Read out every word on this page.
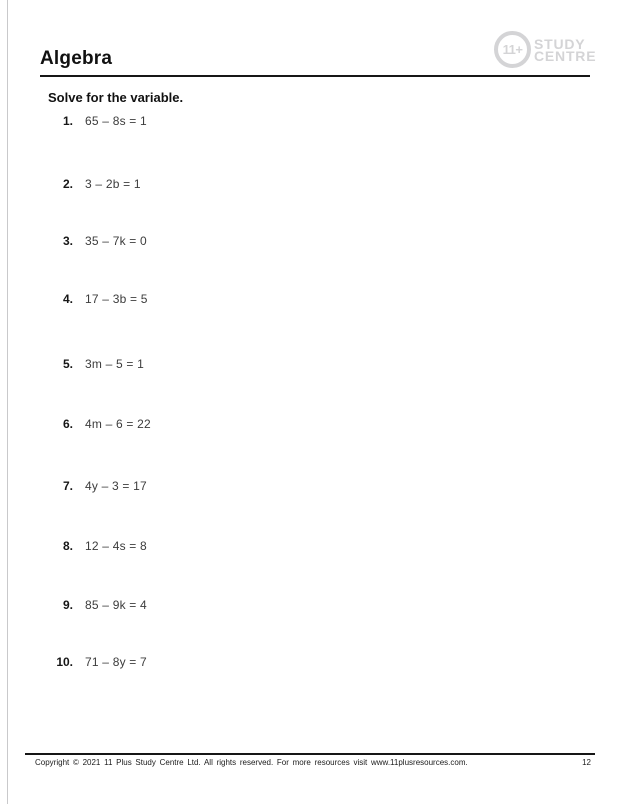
Algebra	11+ STUDY
CENTRE
Solve for the variable.
1. 65 – 8s = 1
2. 3 – 2b = 1
3. 35 – 7k = 0
4. 17 – 3b = 5
5. 3m – 5 = 1
6. 4m – 6 = 22
7. 4y – 3 = 17
8. 12 – 4s = 8
9. 85 – 9k = 4
10. 71 – 8y = 7
Copyright © 2021 11 Plus Study Centre Ltd. All rights reserved. For more resources visit www.11plusresources.com.	12
